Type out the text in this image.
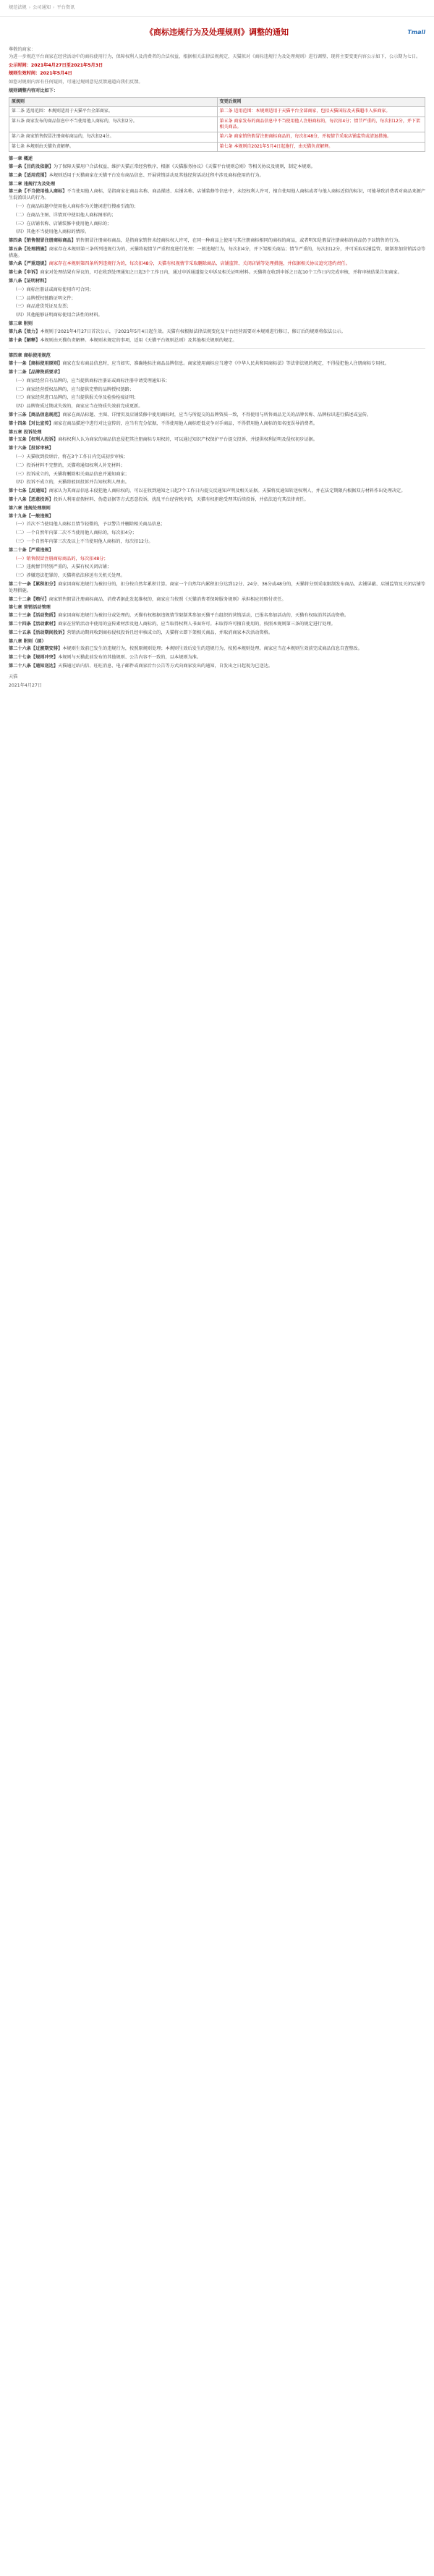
规范法规 › 公司通知 › 平台资讯
《商标违规行为及处理规则》调整的通知	Tmall

尊敬的商家：

为进一步规范平台商家在经营活动中的商标使用行为，保障权利人及消费者的合法权益，根据相关法律法规规定，天猫拟对《商标违规行为及处理规则》进行调整，现将主要变更内容公示如下，公示期为七日。

公示时间：2021年4月27日至2021年5月3日

规则生效时间：2021年5月4日

如您对规则内容有任何疑问，可通过规则意见反馈通道向我们反馈。

规则调整内容对比如下：

原规则	变更后规则
第二条 适用范围：本规则适用于天猫平台全部商家。	第二条 适用范围：本规则适用于天猫平台全部商家，包括天猫国际及天猫超市入驻商家。
第五条 商家发布的商品信息中不当使用他人商标的，每次扣2分。	第五条 商家发布的商品信息中不当使用他人注册商标的，每次扣4分；情节严重的，每次扣12分，并下架相关商品。
第六条 商家销售假冒注册商标商品的，每次扣24分。	第六条 商家销售假冒注册商标商品的，每次扣48分，并视情节采取店铺监管或清退措施。
第七条 本规则由天猫负责解释。	第七条 本规则自2021年5月4日起施行，由天猫负责解释。

第一章 概述

第一条【目的及依据】为了保障天猫用户合法权益，维护天猫正常经营秩序，根据《天猫服务协议》《天猫平台规则总则》等相关协议及规则，制定本规则。

第二条【适用范围】本规则适用于天猫商家在天猫平台发布商品信息、开展营销活动及其他经营活动过程中涉及商标使用的行为。

第二章 违规行为及处理

第三条【不当使用他人商标】不当使用他人商标，是指商家在商品名称、商品描述、店铺名称、店铺装修等信息中，未经权利人许可，擅自使用他人商标或者与他人商标近似的标识，可能导致消费者对商品来源产生混淆误认的行为。

（一）在商品标题中使用他人商标作为关键词进行搜索引流的；

（二）在商品主图、详情页中使用他人商标图形的；

（三）在店铺名称、店铺装修中使用他人商标的；

（四）其他不当使用他人商标的情形。

第四条【销售假冒注册商标商品】销售假冒注册商标商品，是指商家销售未经商标权人许可，在同一种商品上使用与其注册商标相同的商标的商品，或者明知是假冒注册商标的商品仍予以销售的行为。

第五条【处理措施】商家存在本规则第三条所列违规行为的，天猫将视情节严重程度进行处理：一般违规行为，每次扣4分，并下架相关商品；情节严重的，每次扣12分，并可采取店铺监管、限制参加营销活动等措施。

第六条【严重违规】商家存在本规则第四条所列违规行为的，每次扣48分，天猫有权视情节采取删除商品、店铺监管、关闭店铺等处理措施，并依据相关协议追究违约责任。

第七条【申诉】商家对处理结果有异议的，可在收到处理通知之日起3个工作日内，通过申诉通道提交申诉及相关证明材料。天猫将在收到申诉之日起10个工作日内完成审核，并将审核结果告知商家。

第八条【证明材料】

（一）商标注册证或商标使用许可合同；

（二）品牌授权链路证明文件；

（三）商品进货凭证及发票；

（四）其他能够证明商标使用合法性的材料。

第三章 附则

第九条【效力】本规则于2021年4月27日首次公示，于2021年5月4日起生效。天猫有权根据法律法规变化及平台经营需要对本规则进行修订，修订后的规则将依法公示。

第十条【解释】本规则由天猫负责解释。本规则未规定的事项，适用《天猫平台规则总则》及其他相关规则的规定。

第四章 商标使用规范

第十一条【商标使用原则】商家在发布商品信息时，应当如实、准确地标注商品品牌信息。商家使用商标应当遵守《中华人民共和国商标法》等法律法规的规定，不得侵犯他人注册商标专用权。

第十二条【品牌资质要求】

（一）商家经营自有品牌的，应当提供商标注册证或商标注册申请受理通知书；

（二）商家经营授权品牌的，应当提供完整的品牌授权链路；

（三）商家经营进口品牌的，应当提供报关单及检验检疫证明；

（四）品牌资质过期或失效的，商家应当在资质失效前完成更新。

第十三条【商品信息规范】商家在商品标题、主图、详情页及店铺装修中使用商标时，应当与所提交的品牌资质一致，不得使用与所售商品无关的品牌名称、品牌标识进行描述或宣传。

第十四条【对比宣传】商家在商品描述中进行对比宣传的，应当有充分依据，不得使用他人商标贬低竞争对手商品，不得借用他人商标的知名度误导消费者。

第五章 投诉处理

第十五条【权利人投诉】商标权利人认为商家的商品信息侵犯其注册商标专用权的，可以通过知识产权保护平台提交投诉，并提供权利证明及侵权初步证据。

第十六条【投诉审核】

（一）天猫收到投诉后，将在3个工作日内完成初步审核；

（二）投诉材料不完整的，天猫将通知权利人补充材料；

（三）投诉成立的，天猫将删除相关商品信息并通知商家；

（四）投诉不成立的，天猫将驳回投诉并告知权利人理由。

第十七条【反通知】商家认为其商品信息未侵犯他人商标权的，可以在收到通知之日起7个工作日内提交反通知声明及相关证据。天猫将反通知转送权利人，并在法定期限内根据双方材料作出处理决定。

第十八条【恶意投诉】投诉人利用虚假材料、伪造证据等方式恶意投诉，扰乱平台经营秩序的，天猫有权拒绝受理其后续投诉，并依法追究其法律责任。

第六章 违规处理细则

第十九条【一般违规】

（一）首次不当使用他人商标且情节轻微的，予以警告并删除相关商品信息；

（二）一个自然年内第二次不当使用他人商标的，每次扣4分；

（三）一个自然年内第三次及以上不当使用他人商标的，每次扣12分。

第二十条【严重违规】

（一）销售假冒注册商标商品的，每次扣48分；

（二）违规情节特别严重的，天猫有权关闭店铺；

（三）涉嫌违法犯罪的，天猫将依法移送有关机关处理。

第二十一条【累积扣分】商家因商标违规行为被扣分的，扣分按自然年累积计算。商家一个自然年内累积扣分达到12分、24分、36分或48分的，天猫将分别采取限制发布商品、店铺屏蔽、店铺监管及关闭店铺等处理措施。

第二十二条【赔付】商家销售假冒注册商标商品，消费者据此发起维权的，商家应当按照《天猫消费者保障服务规则》承担相应的赔付责任。

第七章 营销活动管理

第二十三条【活动资质】商家因商标违规行为被扣分或处理的，天猫有权根据违规情节限制其参加天猫平台组织的营销活动，已报名参加活动的，天猫有权取消其活动资格。

第二十四条【活动素材】商家在营销活动中使用的宣传素材涉及他人商标的，应当取得权利人书面许可。未取得许可擅自使用的，按照本规则第三条的规定进行处理。

第二十五条【活动期间投诉】营销活动期间收到商标侵权投诉且经审核成立的，天猫将立即下架相关商品，并取消商家本次活动资格。

第八章 附则（续）

第二十六条【过渡期安排】本规则生效前已发生的违规行为，按照原规则处理；本规则生效后发生的违规行为，按照本规则处理。商家应当在本规则生效前完成商品信息自查整改。

第二十七条【规则冲突】本规则与天猫此前发布的其他规则、公告内容不一致的，以本规则为准。

第二十八条【通知送达】天猫通过站内信、旺旺消息、电子邮件或商家后台公告等方式向商家发出的通知，自发出之日起视为已送达。

天猫

2021年4月27日
